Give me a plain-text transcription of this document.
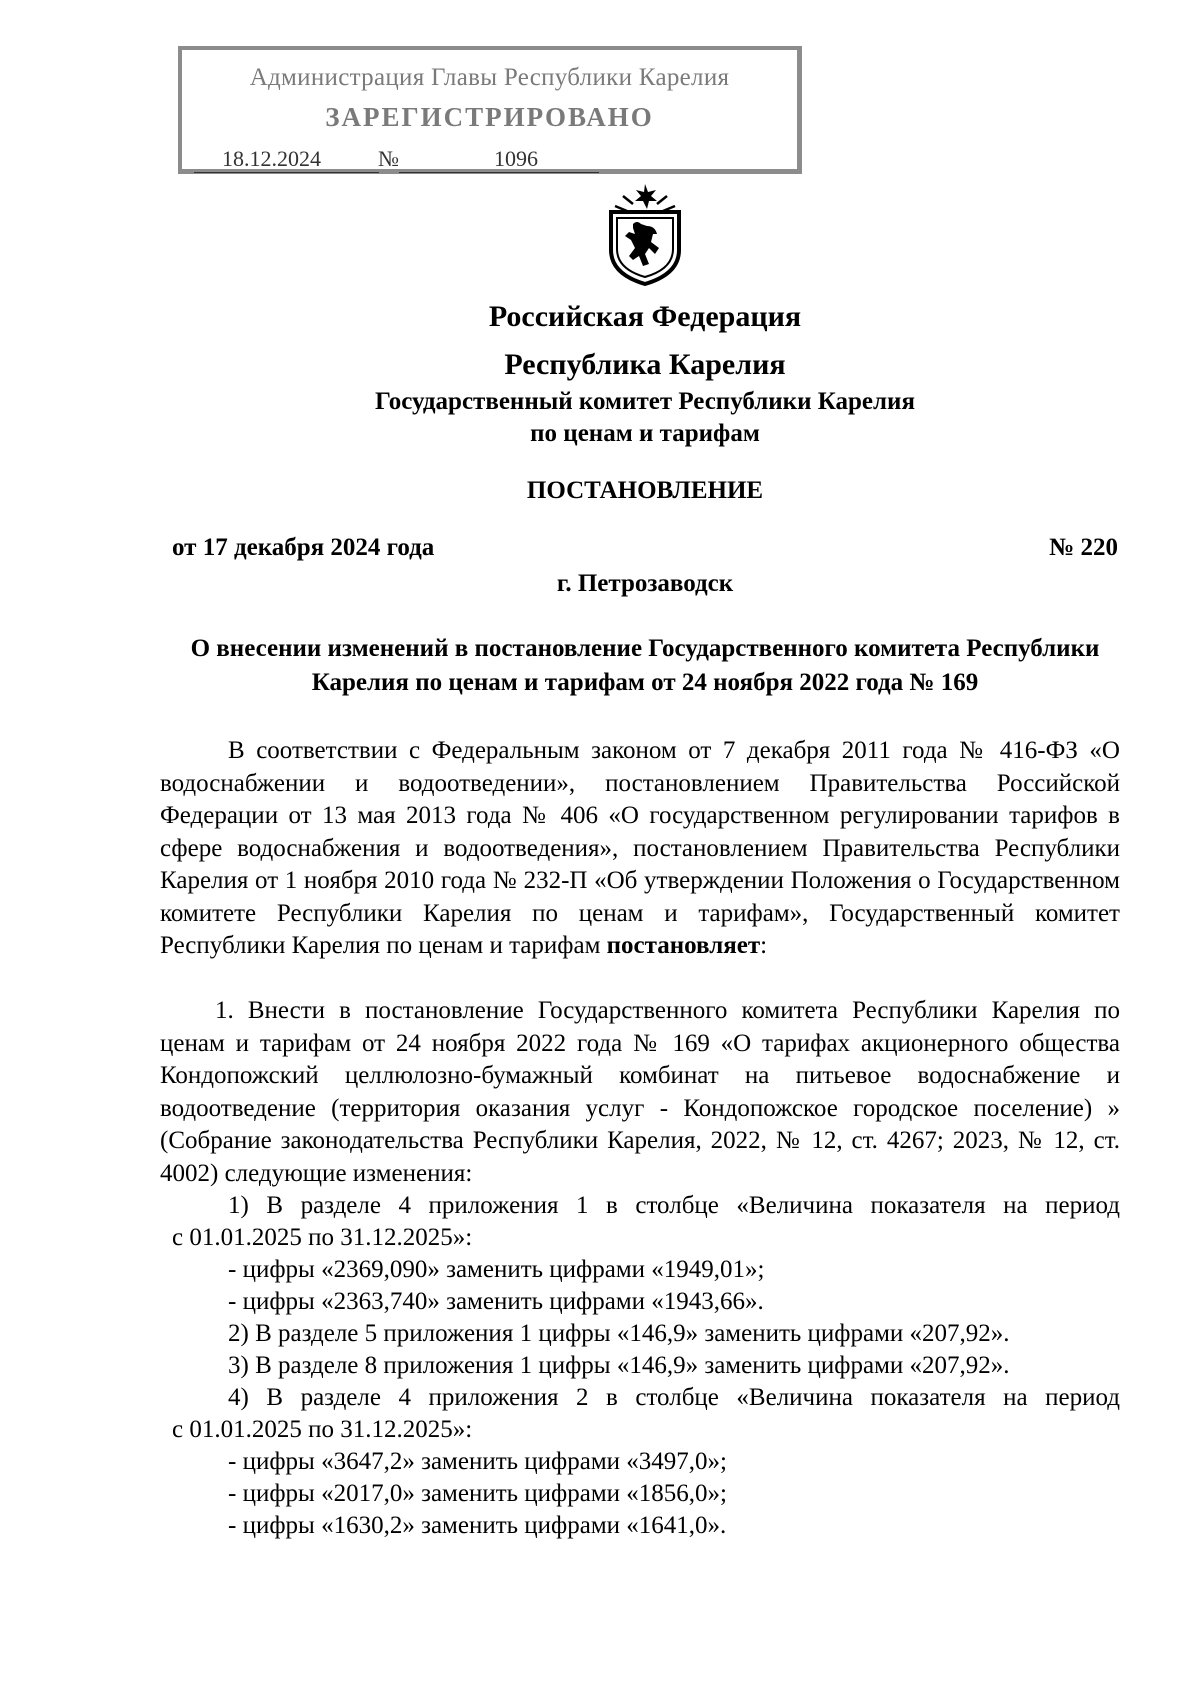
Администрация Главы Республики Карелия
ЗАРЕГИСТРИРОВАНО
18.12.2024	№	1096
Российская Федерация
Республика Карелия
Государственный комитет Республики Карелия
по ценам и тарифам
ПОСТАНОВЛЕНИЕ
от 17 декабря 2024 года	№ 220
г. Петрозаводск
О внесении изменений в постановление Государственного комитета Республики Карелия по ценам и тарифам от 24 ноября 2022 года № 169
В соответствии с Федеральным законом от 7 декабря 2011 года № 416-ФЗ «О водоснабжении и водоотведении», постановлением Правительства Российской Федерации от 13 мая 2013 года № 406 «О государственном регулировании тарифов в сфере водоснабжения и водоотведения», постановлением Правительства Республики Карелия от 1 ноября 2010 года № 232-П «Об утверждении Положения о Государственном комитете Республики Карелия по ценам и тарифам», Государственный комитет Республики Карелия по ценам и тарифам постановляет:
1. Внести в постановление Государственного комитета Республики Карелия по ценам и тарифам от 24 ноября 2022 года № 169 «О тарифах акционерного общества Кондопожский целлюлозно-бумажный комбинат на питьевое водоснабжение и водоотведение (территория оказания услуг - Кондопожское городское поселение) » (Собрание законодательства Республики Карелия, 2022, № 12, ст. 4267; 2023, № 12, ст. 4002) следующие изменения:
1) В разделе 4 приложения 1 в столбце «Величина показателя на период
с 01.01.2025 по 31.12.2025»:
- цифры «2369,090» заменить цифрами «1949,01»;
- цифры «2363,740» заменить цифрами «1943,66».
2) В разделе 5 приложения 1 цифры «146,9» заменить цифрами «207,92».
3) В разделе 8 приложения 1 цифры «146,9» заменить цифрами «207,92».
4) В разделе 4 приложения 2 в столбце «Величина показателя на период
с 01.01.2025 по 31.12.2025»:
- цифры «3647,2» заменить цифрами «3497,0»;
- цифры «2017,0» заменить цифрами «1856,0»;
- цифры «1630,2» заменить цифрами «1641,0».
